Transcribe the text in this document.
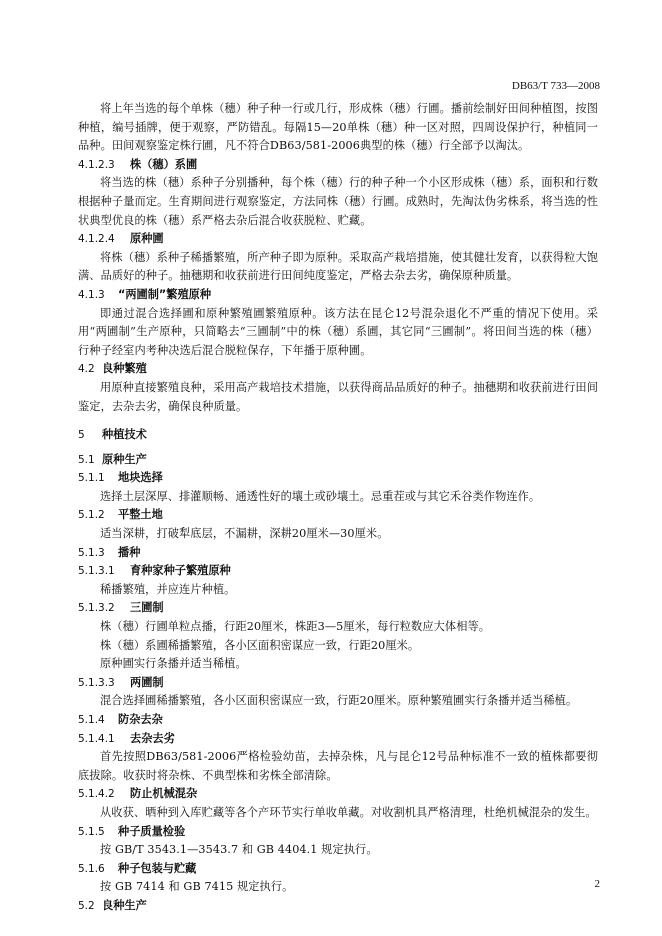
DB63/T 733—2008

将上年当选的每个单株（穗）种子种一行或几行，形成株（穗）行圃。播前绘制好田间种植图，按图种植，编号插牌，便于观察，严防错乱。每隔15—20单株（穗）种一区对照，四周设保护行，种植同一品种。田间观察鉴定株行圃，凡不符合DB63/581-2006典型的株（穗）行全部予以淘汰。

4.1.2.3	株（穗）系圃

将当选的株（穗）系种子分别播种，每个株（穗）行的种子种一个小区形成株（穗）系，面积和行数根据种子量而定。生育期间进行观察鉴定，方法同株（穗）行圃。成熟时，先淘汰伪劣株系，将当选的性状典型优良的株（穗）系严格去杂后混合收获脱粒、贮藏。

4.1.2.4	原种圃

将株（穗）系种子稀播繁殖，所产种子即为原种。采取高产栽培措施，使其健壮发育，以获得粒大饱满、品质好的种子。抽穗期和收获前进行田间纯度鉴定，严格去杂去劣，确保原种质量。

4.1.3	“两圃制”繁殖原种

即通过混合选择圃和原种繁殖圃繁殖原种。该方法在昆仑12号混杂退化不严重的情况下使用。采用“两圃制”生产原种，只简略去“三圃制”中的株（穗）系圃，其它同“三圃制”。将田间当选的株（穗）行种子经室内考种决选后混合脱粒保存，下年播于原种圃。

4.2 良种繁殖

用原种直接繁殖良种，采用高产栽培技术措施，以获得商品品质好的种子。抽穗期和收获前进行田间鉴定，去杂去劣，确保良种质量。

5	种植技术
5.1 原种生产
5.1.1	地块选择

选择土层深厚、排灌顺畅、通透性好的壤土或砂壤土。忌重茬或与其它禾谷类作物连作。

5.1.2	平整土地

适当深耕，打破犁底层，不漏耕，深耕20厘米—30厘米。

5.1.3	播种
5.1.3.1	育种家种子繁殖原种

稀播繁殖，并应连片种植。

5.1.3.2	三圃制

株（穗）行圃单粒点播，行距20厘米，株距3—5厘米，每行粒数应大体相等。

株（穗）系圃稀播繁殖，各小区面积密谋应一致，行距20厘米。

原种圃实行条播并适当稀植。

5.1.3.3	两圃制

混合选择圃稀播繁殖，各小区面积密谋应一致，行距20厘米。原种繁殖圃实行条播并适当稀植。

5.1.4	防杂去杂
5.1.4.1	去杂去劣

首先按照DB63/581-2006严格检验幼苗，去掉杂株，凡与昆仑12号品种标准不一致的植株都要彻底拔除。收获时将杂株、不典型株和劣株全部清除。

5.1.4.2	防止机械混杂

从收获、晒种到入库贮藏等各个产环节实行单收单藏。对收割机具严格清理，杜绝机械混杂的发生。

5.1.5	种子质量检验

按 GB/T 3543.1—3543.7 和 GB 4404.1 规定执行。

5.1.6	种子包装与贮藏

按 GB 7414 和 GB 7415 规定执行。

5.2 良种生产
2
